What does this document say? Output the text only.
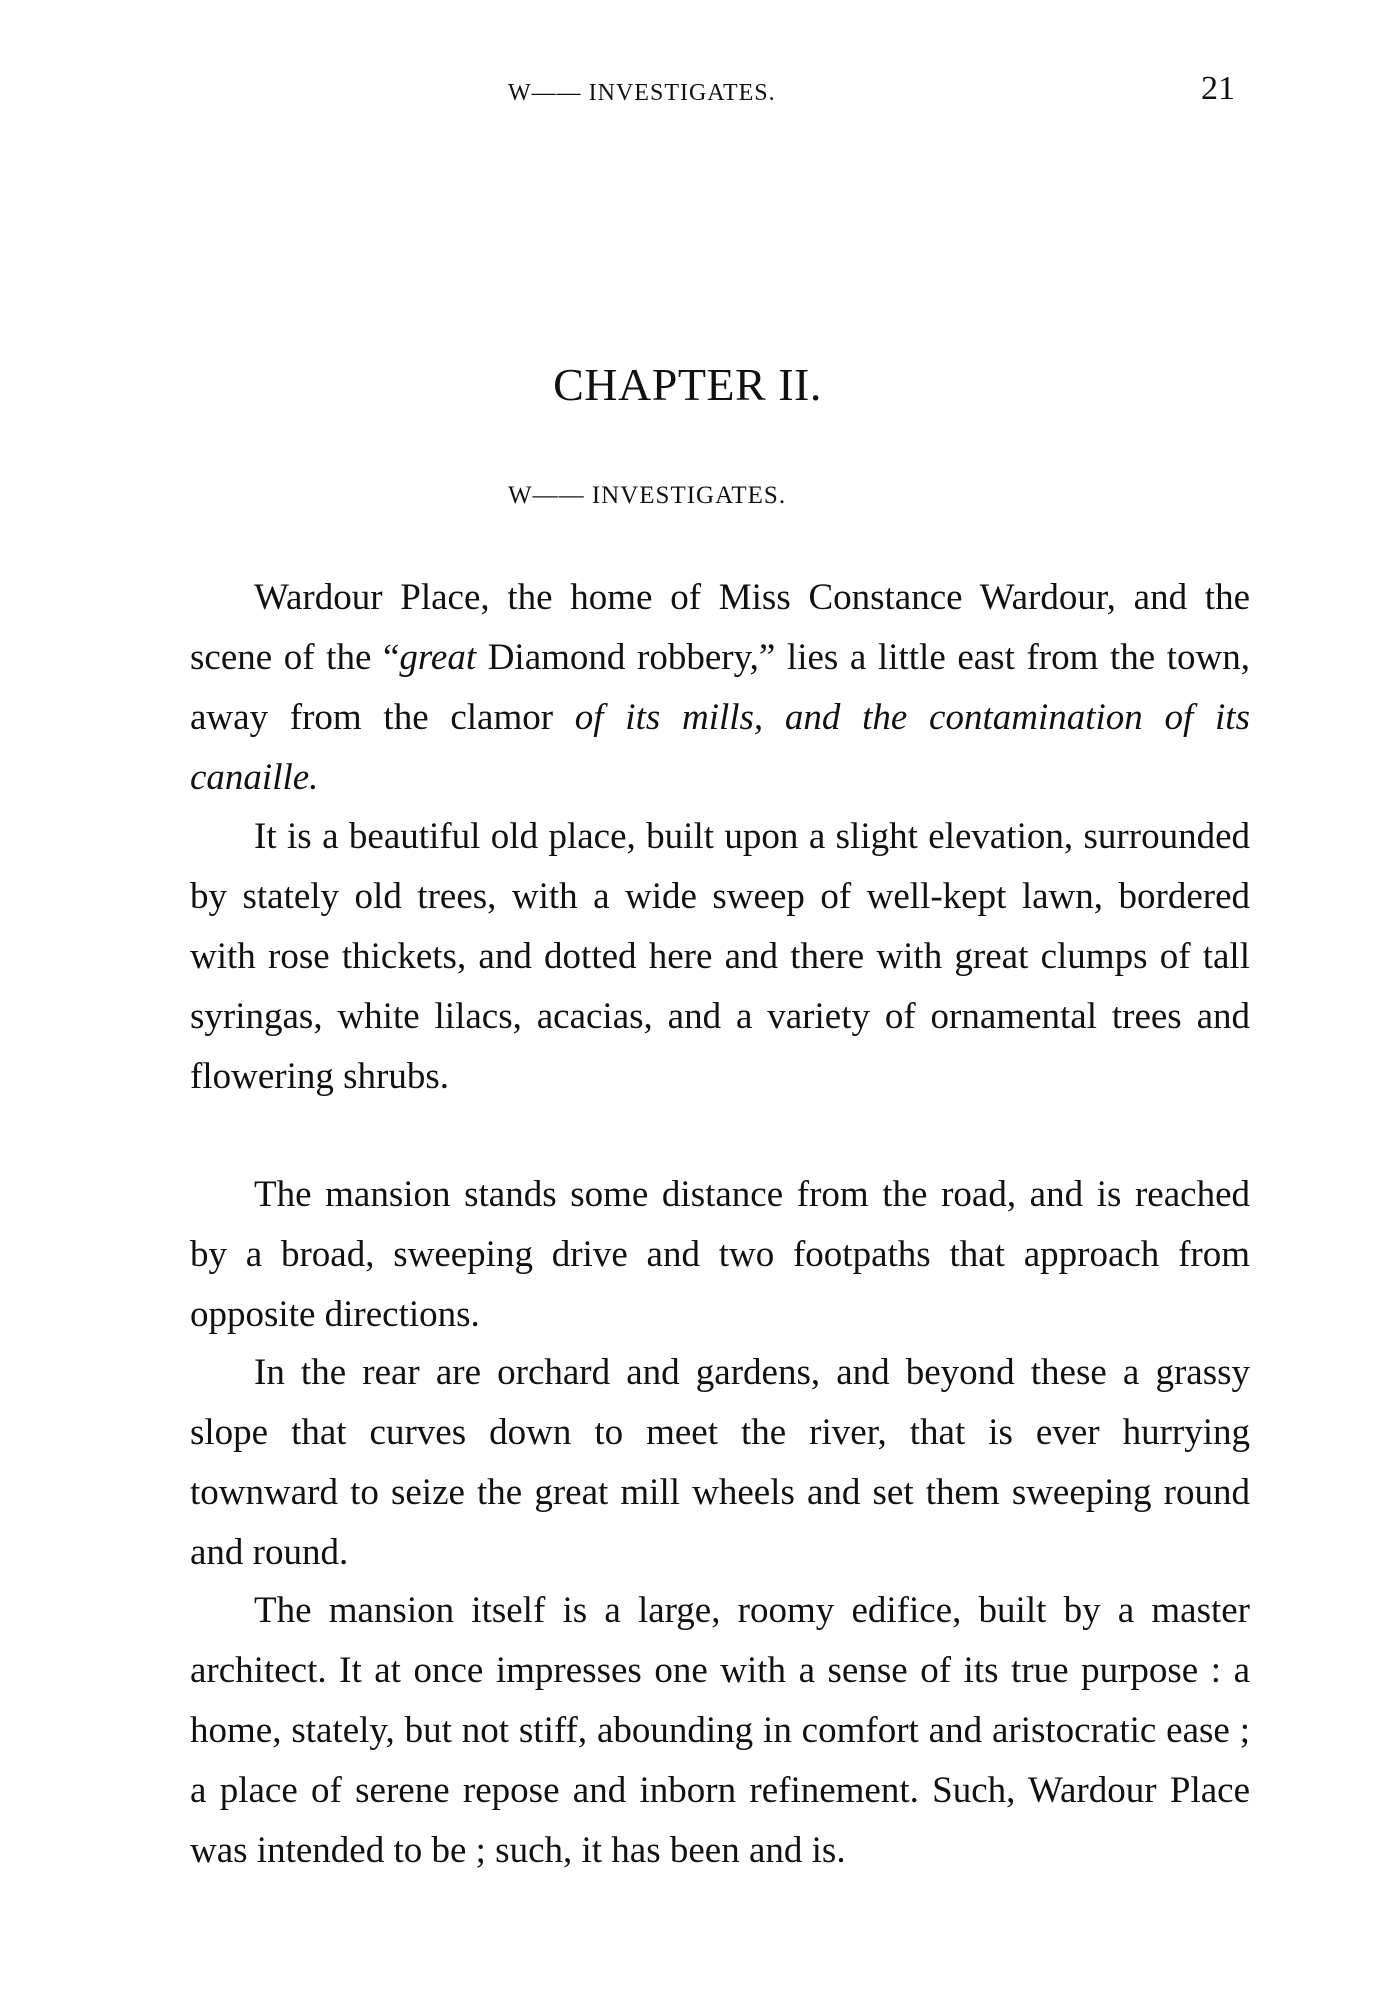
W—— INVESTIGATES.	21
CHAPTER II.
W—— INVESTIGATES.

Wardour Place, the home of Miss Constance Wardour, and the scene of the “great Diamond robbery,” lies a little east from the town, away from the clamor of its mills, and the contamination of its canaille.

It is a beautiful old place, built upon a slight elevation, surrounded by stately old trees, with a wide sweep of well-kept lawn, bordered with rose thickets, and dotted here and there with great clumps of tall syringas, white lilacs, acacias, and a variety of ornamental trees and flowering shrubs.

The mansion stands some distance from the road, and is reached by a broad, sweeping drive and two footpaths that approach from opposite directions.

In the rear are orchard and gardens, and beyond these a grassy slope that curves down to meet the river, that is ever hurrying townward to seize the great mill wheels and set them sweeping round and round.

The mansion itself is a large, roomy edifice, built by a master architect. It at once impresses one with a sense of its true purpose : a home, stately, but not stiff, abounding in comfort and aristocratic ease ; a place of serene repose and inborn refinement. Such, Wardour Place was intended to be ; such, it has been and is.
